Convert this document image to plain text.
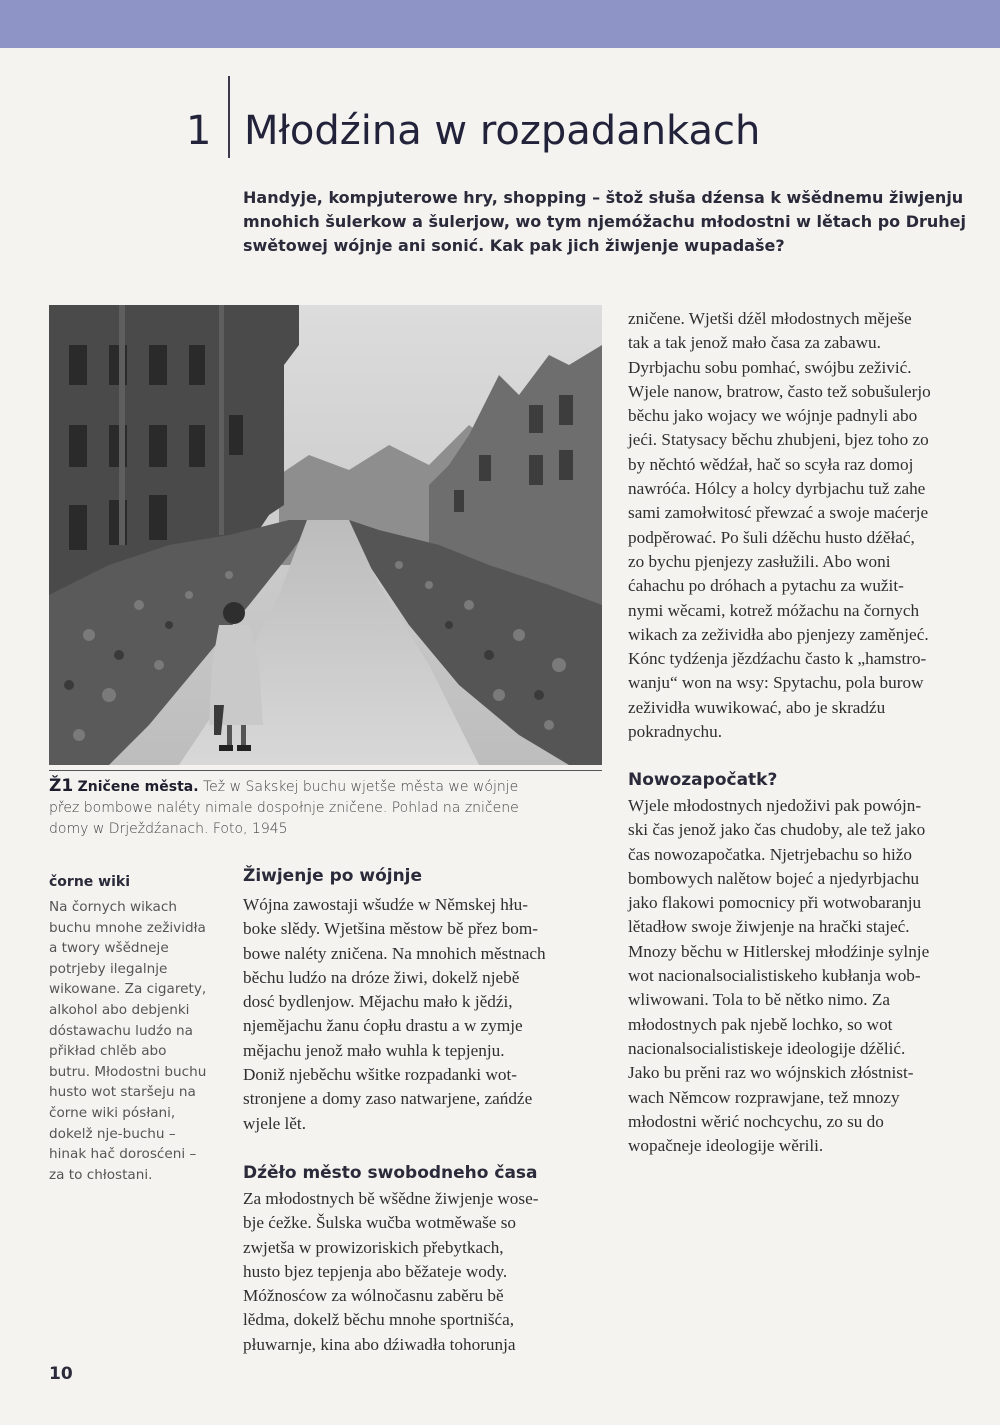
1 Młodźina w rozpadankach

Handyje, kompjuterowe hry, shopping – štož słuša dźensa k wšědnemu žiwjenju mnohich šulerkow a šulerjow, wo tym njemóžachu młodostni w lětach po Druhej swětowej wójnje ani sonić. Kak pak jich žiwjenje wupadaše?

Ž1 Zničene města. Tež w Sakskej buchu wjetše města we wójnje přez bombowe naléty nimale dospołnje zničene. Pohlad na zničene domy w Drježdźanach. Foto, 1945

čorne wiki

Na čornych wikach buchu mnohe zežividła a twory wšědneje potrjeby ilegalnje wikowane. Za cigarety, alkohol abo debjenki dóstawachu ludźo na přikład chlěb abo butru. Młodostni buchu husto wot staršeju na čorne wiki pósłani, dokelž nje-buchu – hinak hač dorosćeni – za to chłostani.

Žiwjenje po wójnje
Wójna zawostaji wšudźe w Němskej hłu-
boke slědy. Wjetšina městow bě přez bom-
bowe naléty zničena. Na mnohich městnach
běchu ludźo na dróze žiwi, dokelž njebě
dosć bydlenjow. Mějachu mało k jědźi,
njemějachu žanu ćopłu drastu a w zymje
mějachu jenož mało wuhla k tepjenju.
Doniž njeběchu wšitke rozpadanki wot-
stronjene a domy zaso natwarjene, zańdźe
wjele lět.
Dźěło město swobodneho časa
Za młodostnych bě wšědne žiwjenje wose-
bje ćežke. Šulska wučba wotměwaše so
zwjetša w prowizoriskich přebytkach,
husto bjez tepjenja abo běžateje wody.
Móžnosćow za wólnočasnu zaběru bě
lědma, dokelž běchu mnohe sportnišća,
płuwarnje, kina abo dźiwadła tohorunja
zničene. Wjetši dźěl młodostnych měješe
tak a tak jenož mało časa za zabawu.
Dyrbjachu sobu pomhać, swójbu zeživić.
Wjele nanow, bratrow, často tež sobušulerjo
běchu jako wojacy we wójnje padnyli abo
jeći. Statysacy běchu zhubjeni, bjez toho zo
by něchtó wědźał, hač so scyła raz domoj
nawróća. Hólcy a holcy dyrbjachu tuž zahe
sami zamołwitosć přewzać a swoje maćerje
podpěrować. Po šuli dźěchu husto dźěłać,
zo bychu pjenjezy zasłužili. Abo woni
ćahachu po dróhach a pytachu za wužit-
nymi wěcami, kotrež móžachu na čornych
wikach za zežividła abo pjenjezy zaměnjeć.
Kónc tydźenja jězdźachu často k „hamstro-
wanju“ won na wsy: Spytachu, pola burow
zežividła wuwikować, abo je skradźu
pokradnychu.
Nowozapočatk?
Wjele młodostnych njedoživi pak powójn-
ski čas jenož jako čas chudoby, ale tež jako
čas nowozapočatka. Njetrjebachu so hižo
bombowych nalětow bojeć a njedyrbjachu
jako flakowi pomocnicy při wotwobaranju
lětadłow swoje žiwjenje na hrački stajeć.
Mnozy běchu w Hitlerskej młodźinje sylnje
wot nacionalsocialistiskeho kubłanja wob-
wliwowani. Tola to bě nětko nimo. Za
młodostnych pak njebě lochko, so wot
nacionalsocialistiskeje ideologije dźělić.
Jako bu prěni raz wo wójnskich złóstnist-
wach Němcow rozprawjane, tež mnozy
młodostni wěrić nochcychu, zo su do
wopačneje ideologije wěrili.
10
